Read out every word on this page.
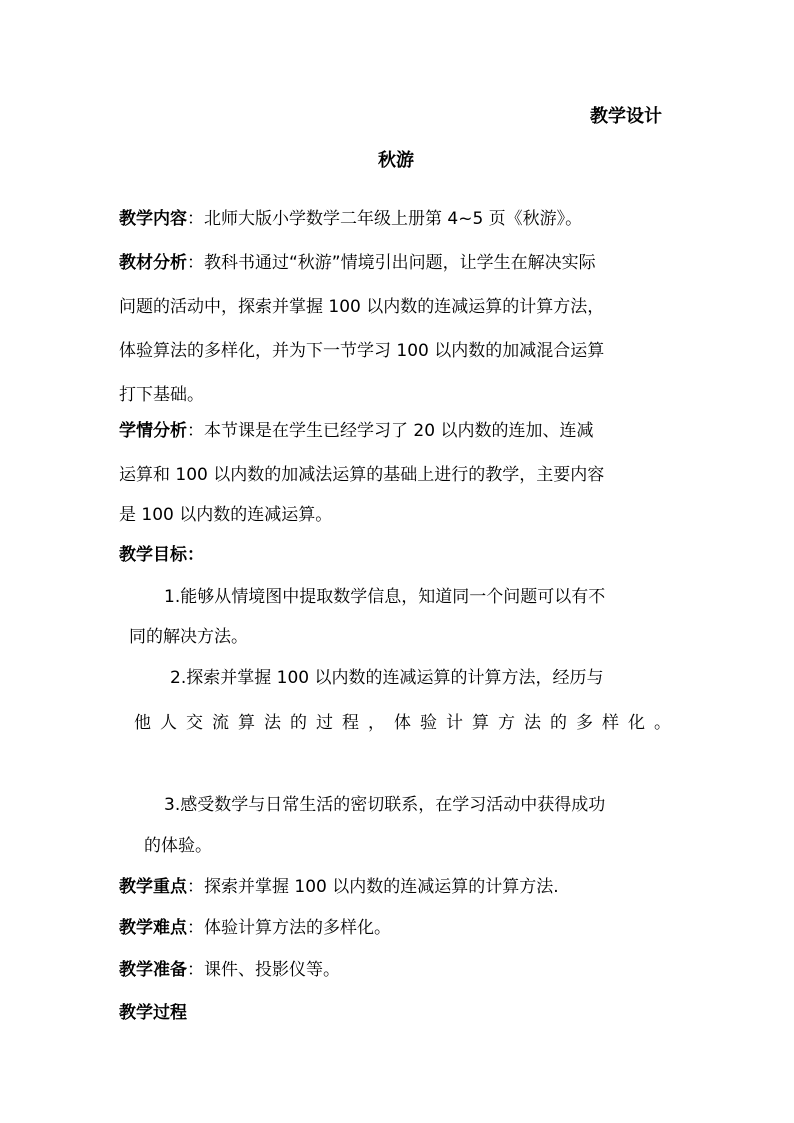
教学设计
秋游
教学内容：北师大版小学数学二年级上册第 4~5 页《秋游》。
教材分析：教科书通过“秋游”情境引出问题，让学生在解决实际
问题的活动中，探索并掌握 100 以内数的连减运算的计算方法，
体验算法的多样化，并为下一节学习 100 以内数的加减混合运算
打下基础。
学情分析：本节课是在学生已经学习了 20 以内数的连加、连减
运算和 100 以内数的加减法运算的基础上进行的教学，主要内容
是 100 以内数的连减运算。
教学目标：
1.能够从情境图中提取数学信息，知道同一个问题可以有不
同的解决方法。
2.探索并掌握 100 以内数的连减运算的计算方法，经历与
他人交流算法的过程，体验计算方法的多样化。
3.感受数学与日常生活的密切联系，在学习活动中获得成功
的体验。
教学重点：探索并掌握 100 以内数的连减运算的计算方法.
教学难点：体验计算方法的多样化。
教学准备：课件、投影仪等。
教学过程
